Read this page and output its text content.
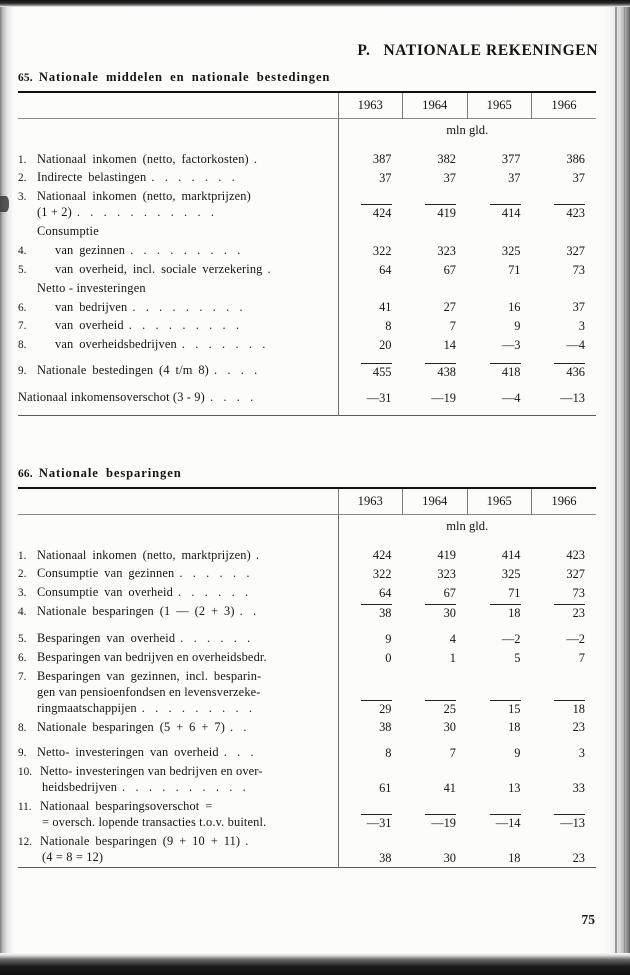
P. NATIONALE REKENINGEN
65. Nationale middelen en nationale bestedingen

	1963	1964	1965	1966

	mln gld.			

1. Nationaal inkomen (netto, factorkosten) .	387	382	377	386
2. Indirecte belastingen . . . . . . .	37	37	37	37
3. Nationaal inkomen (netto, marktprijzen)
(1 + 2) . . . . . . . . . . .	424	419	414	423
Consumptie				
4. van gezinnen . . . . . . . . .	322	323	325	327
5. van overheid, incl. sociale verzekering .	64	67	71	73
Netto - investeringen				
6. van bedrijven . . . . . . . . .	41	27	16	37
7. van overheid . . . . . . . . .	8	7	9	3
8. van overheidsbedrijven . . . . . . .	20	14	—3	—4

9. Nationale bestedingen (4 t/m 8) . . . .	455	438	418	436

Nationaal inkomensoverschot (3 - 9) . . . .	—31	—19	—4	—13

66. Nationale besparingen

	1963	1964	1965	1966

	mln gld.			

1. Nationaal inkomen (netto, marktprijzen) .	424	419	414	423
2. Consumptie van gezinnen . . . . . .	322	323	325	327
3. Consumptie van overheid . . . . . .	64	67	71	73
4. Nationale besparingen (1 — (2 + 3) . .	38	30	18	23

5. Besparingen van overheid . . . . . .	9	4	—2	—2
6. Besparingen van bedrijven en overheidsbedr.	0	1	5	7
7. Besparingen van gezinnen, incl. besparin-
gen van pensioenfondsen en levensverzeke-
ringmaatschappijen . . . . . . . . .	29	25	15	18
8. Nationale besparingen (5 + 6 + 7) . .	38	30	18	23

9. Netto- investeringen van overheid . . .	8	7	9	3
10. Netto- investeringen van bedrijven en over-
heidsbedrijven . . . . . . . . . .	61	41	13	33
11. Nationaal besparingsoverschot =
= oversch. lopende transacties t.o.v. buitenl.	—31	—19	—14	—13
12. Nationale besparingen (9 + 10 + 11) .
(4 = 8 = 12)	38	30	18	23

75
